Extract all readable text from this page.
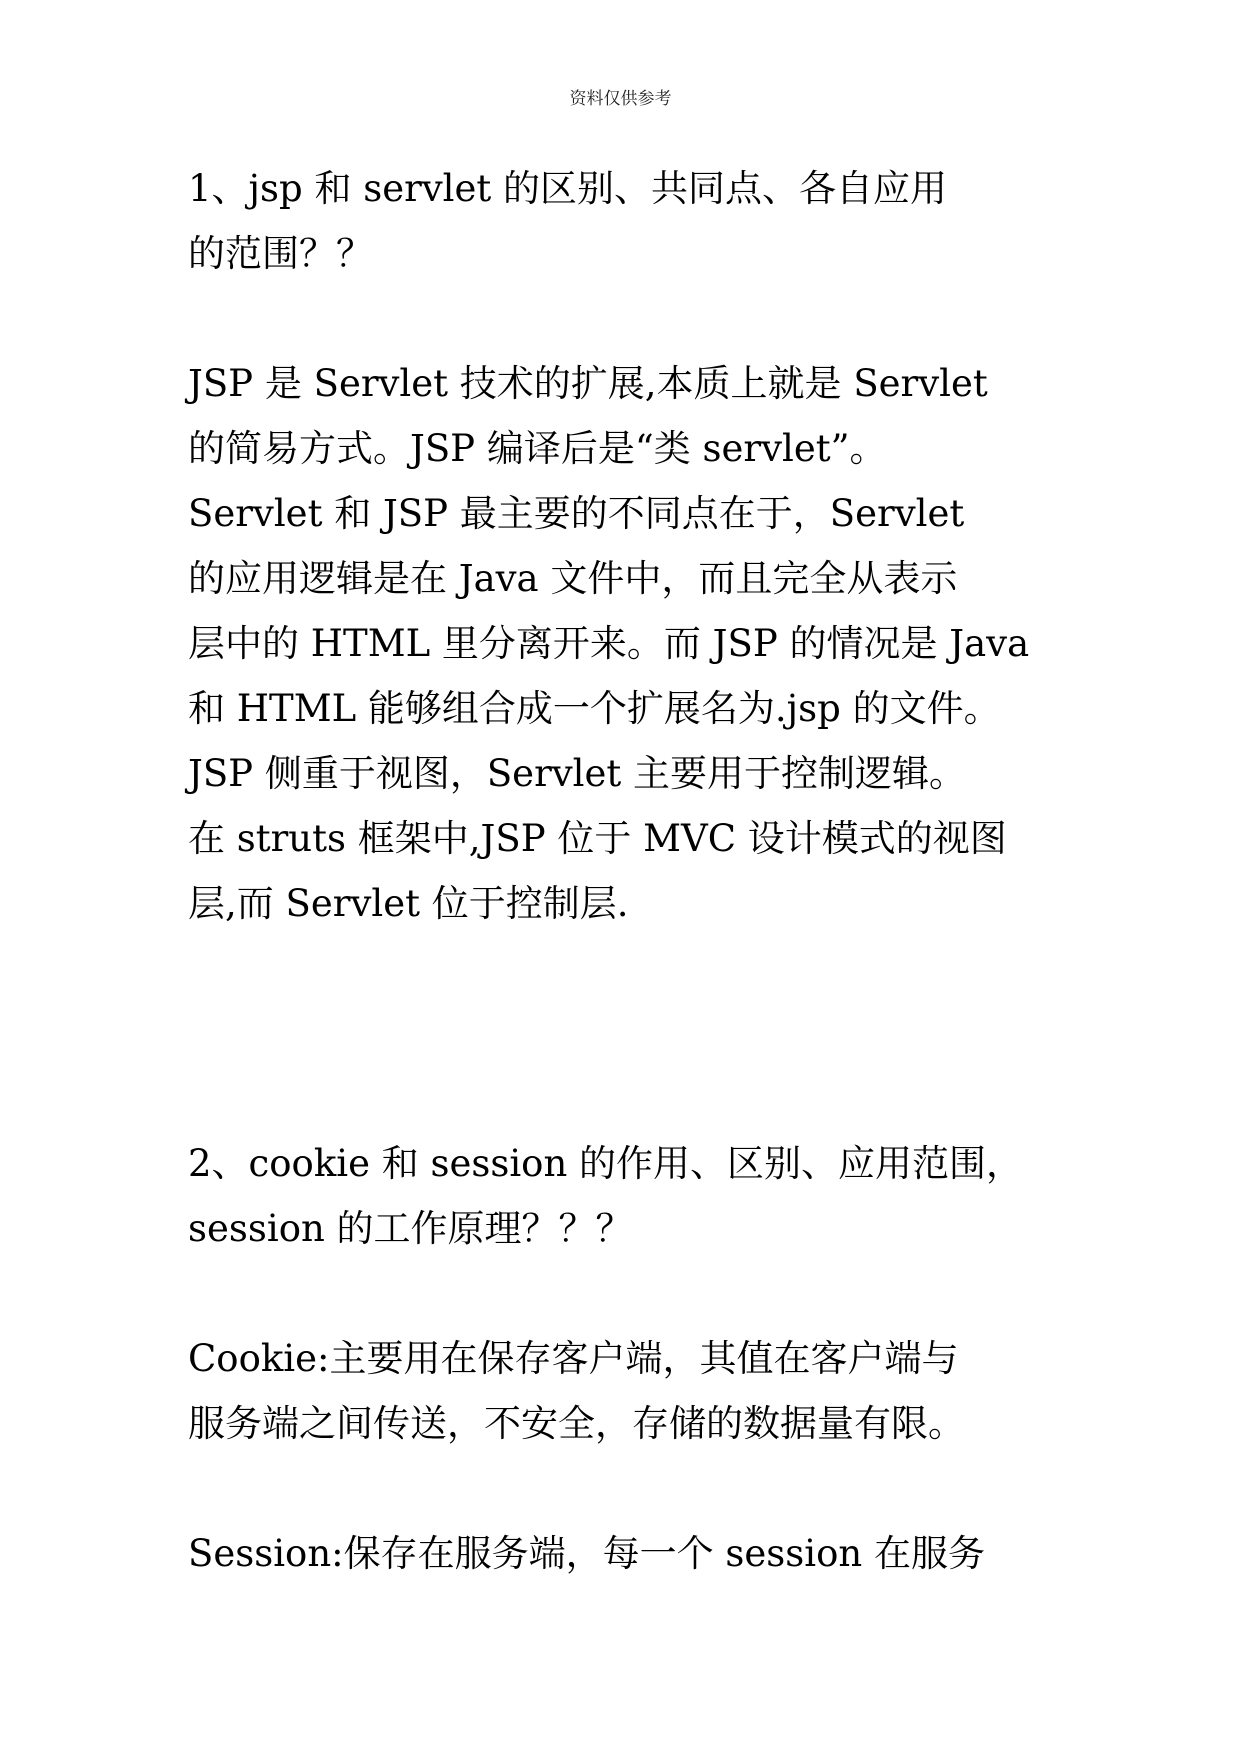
资料仅供参考
1、jsp 和 servlet 的区别、共同点、各自应用
的范围？？
JSP 是 Servlet 技术的扩展,本质上就是 Servlet
的简易方式。JSP 编译后是“类 servlet”。
Servlet 和 JSP 最主要的不同点在于，Servlet
的应用逻辑是在 Java 文件中，而且完全从表示
层中的 HTML 里分离开来。而 JSP 的情况是 Java
和 HTML 能够组合成一个扩展名为.jsp 的文件。
JSP 侧重于视图，Servlet 主要用于控制逻辑。
在 struts 框架中,JSP 位于 MVC 设计模式的视图
层,而 Servlet 位于控制层.
2、cookie 和 session 的作用、区别、应用范围，
session 的工作原理？？？
Cookie:主要用在保存客户端，其值在客户端与
服务端之间传送，不安全，存储的数据量有限。
Session:保存在服务端，每一个 session 在服务
